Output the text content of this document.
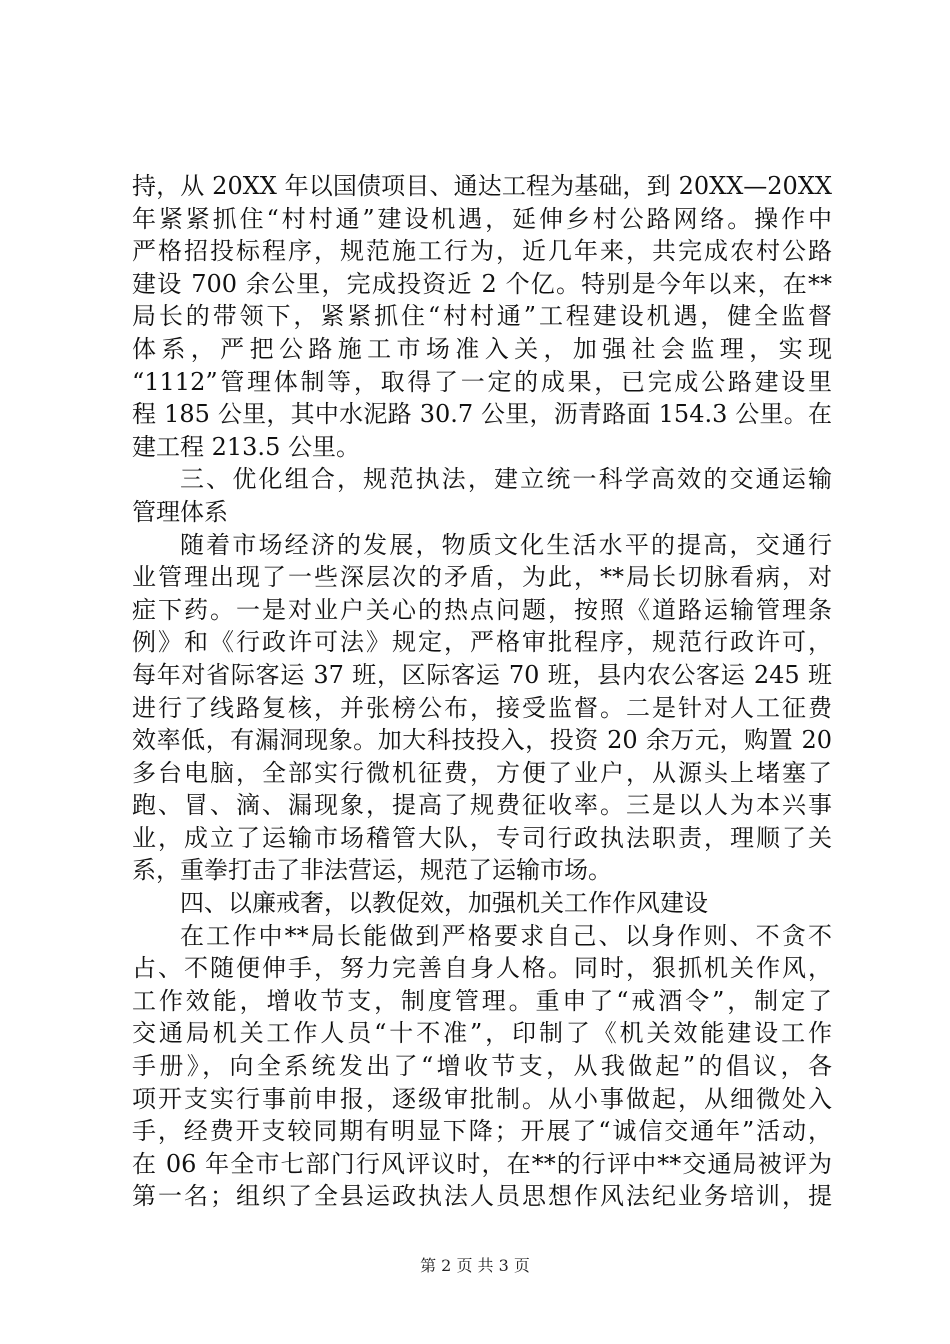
持，从 20XX 年以国债项目、通达工程为基础，到 20XX—20XX
年紧紧抓住“村村通”建设机遇，延伸乡村公路网络。操作中
严格招投标程序，规范施工行为，近几年来，共完成农村公路
建设 700 余公里，完成投资近 2 个亿。特别是今年以来，在**
局长的带领下，紧紧抓住“村村通”工程建设机遇，健全监督
体系，严把公路施工市场准入关，加强社会监理，实现
“1112”管理体制等，取得了一定的成果，已完成公路建设里
程 185 公里，其中水泥路 30.7 公里，沥青路面 154.3 公里。在
建工程 213.5 公里。
三、优化组合，规范执法，建立统一科学高效的交通运输
管理体系
随着市场经济的发展，物质文化生活水平的提高，交通行
业管理出现了一些深层次的矛盾，为此，**局长切脉看病，对
症下药。一是对业户关心的热点问题，按照《道路运输管理条
例》和《行政许可法》规定，严格审批程序，规范行政许可，
每年对省际客运 37 班，区际客运 70 班，县内农公客运 245 班
进行了线路复核，并张榜公布，接受监督。二是针对人工征费
效率低，有漏洞现象。加大科技投入，投资 20 余万元，购置 20
多台电脑，全部实行微机征费，方便了业户，从源头上堵塞了
跑、冒、滴、漏现象，提高了规费征收率。三是以人为本兴事
业，成立了运输市场稽管大队，专司行政执法职责，理顺了关
系，重拳打击了非法营运，规范了运输市场。
四、以廉戒奢，以教促效，加强机关工作作风建设
在工作中**局长能做到严格要求自己、以身作则、不贪不
占、不随便伸手，努力完善自身人格。同时，狠抓机关作风，
工作效能，增收节支，制度管理。重申了“戒酒令”，制定了
交通局机关工作人员“十不准”，印制了《机关效能建设工作
手册》，向全系统发出了“增收节支，从我做起”的倡议，各
项开支实行事前申报，逐级审批制。从小事做起，从细微处入
手，经费开支较同期有明显下降；开展了“诚信交通年”活动，
在 06 年全市七部门行风评议时，在**的行评中**交通局被评为
第一名；组织了全县运政执法人员思想作风法纪业务培训，提
第 2 页 共 3 页
